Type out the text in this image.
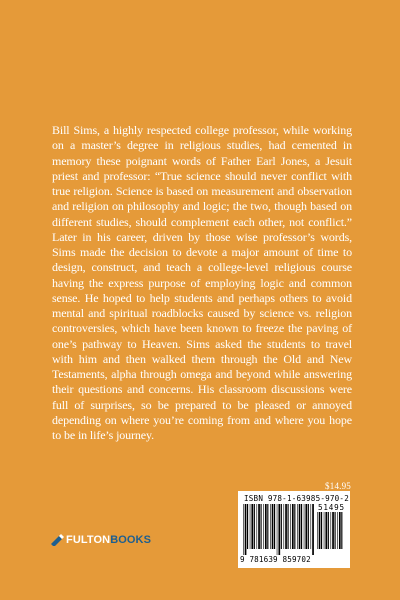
Bill Sims, a highly respected college professor, while working on a master’s degree in religious studies, had cemented in memory these poignant words of Father Earl Jones, a Jesuit priest and professor: “True science should never conflict with true religion. Science is based on measurement and observation and religion on philosophy and logic; the two, though based on different studies, should complement each other, not conflict.” Later in his career, driven by those wise professor’s words, Sims made the decision to devote a major amount of time to design, construct, and teach a college-level religious course having the express purpose of employing logic and common sense. He hoped to help students and perhaps others to avoid mental and spiritual roadblocks caused by science vs. religion controversies, which have been known to freeze the paving of one’s pathway to Heaven. Sims asked the students to travel with him and then walked them through the Old and New Testaments, alpha through omega and beyond while answering their questions and concerns. His classroom discussions were full of surprises, so be prepared to be pleased or annoyed depending on where you’re coming from and where you hope to be in life’s journey.

$14.95
ISBN 978-1-63985-970-2
51495
9 781639 859702
FULTON BOOKS
